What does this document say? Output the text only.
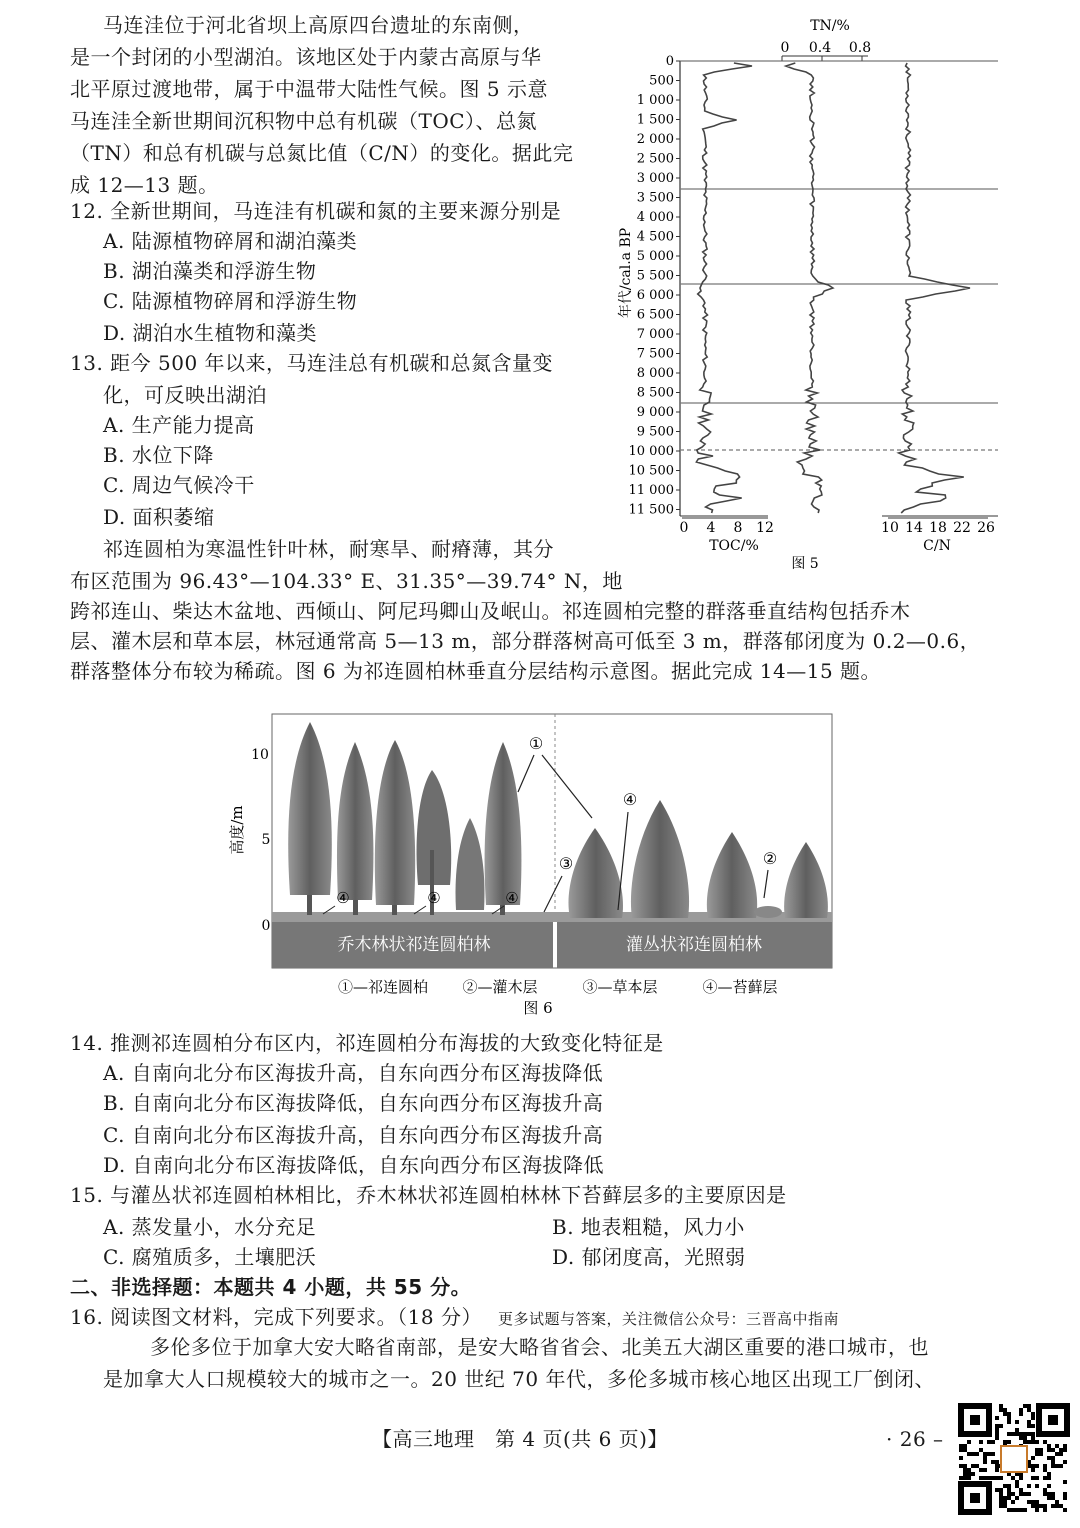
马连洼位于河北省坝上高原四台遗址的东南侧，
是一个封闭的小型湖泊。该地区处于内蒙古高原与华
北平原过渡地带，属于中温带大陆性气候。图 5 示意
马连洼全新世期间沉积物中总有机碳（TOC）、总氮
（TN）和总有机碳与总氮比值（C/N）的变化。据此完
成 12—13 题。
12. 全新世期间，马连洼有机碳和氮的主要来源分别是
A. 陆源植物碎屑和湖泊藻类
B. 湖泊藻类和浮游生物
C. 陆源植物碎屑和浮游生物
D. 湖泊水生植物和藻类
13. 距今 500 年以来，马连洼总有机碳和总氮含量变
化，可反映出湖泊
A. 生产能力提高
B. 水位下降
C. 周边气候冷干
D. 面积萎缩
TN/%
0 0.4 0.8
0
500
1 000
1 500
2 000
2 500
3 000
3 500
4 000
4 500
5 000
5 500
6 000
6 500
7 000
7 500
8 000
8 500
9 000
9 500
10 000
10 500
11 000
11 500
年代/cal.a BP
0 4 8 12
TOC/%
10 14 18 22 26
C/N
图 5
祁连圆柏为寒温性针叶林，耐寒旱、耐瘠薄，其分
布区范围为 96.43°—104.33° E、31.35°—39.74° N，地
跨祁连山、柴达木盆地、西倾山、阿尼玛卿山及岷山。祁连圆柏完整的群落垂直结构包括乔木
层、灌木层和草本层，林冠通常高 5—13 m，部分群落树高可低至 3 m，群落郁闭度为 0.2—0.6，
群落整体分布较为稀疏。图 6 为祁连圆柏林垂直分层结构示意图。据此完成 14—15 题。
高度/m
10
5
0
①
④
③	②
④	④	④
乔木林状祁连圆柏林	灌丛状祁连圆柏林
①—祁连圆柏 ②—灌木层	③—草本层	④—苔藓层
图 6
14. 推测祁连圆柏分布区内，祁连圆柏分布海拔的大致变化特征是
A. 自南向北分布区海拔升高，自东向西分布区海拔降低
B. 自南向北分布区海拔降低，自东向西分布区海拔升高
C. 自南向北分布区海拔升高，自东向西分布区海拔升高
D. 自南向北分布区海拔降低，自东向西分布区海拔降低
15. 与灌丛状祁连圆柏林相比，乔木林状祁连圆柏林林下苔藓层多的主要原因是
A. 蒸发量小，水分充足	B. 地表粗糙，风力小
C. 腐殖质多，土壤肥沃	D. 郁闭度高，光照弱
二、非选择题：本题共 4 小题，共 55 分。
16. 阅读图文材料，完成下列要求。（18 分） 更多试题与答案，关注微信公众号：三晋高中指南
多伦多位于加拿大安大略省南部，是安大略省省会、北美五大湖区重要的港口城市，也
是加拿大人口规模较大的城市之一。20 世纪 70 年代，多伦多城市核心地区出现工厂倒闭、
【高三地理　第 4 页(共 6 页)】	· 26 –
